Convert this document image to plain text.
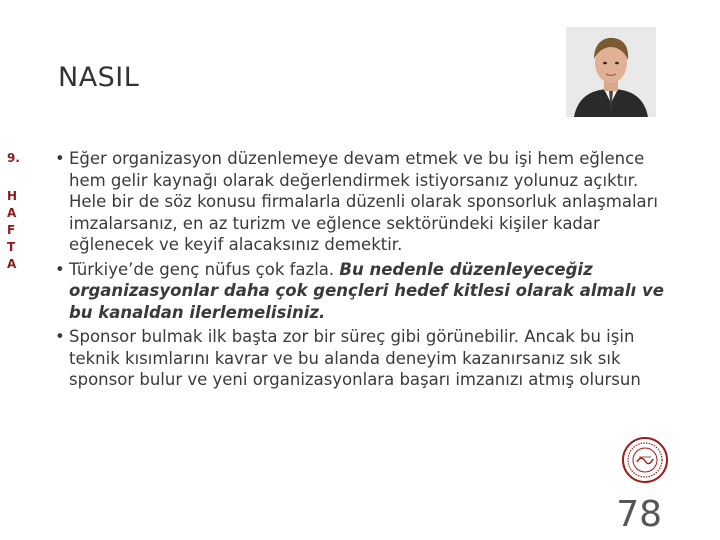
NASIL
9.
H
A
F
T
A
• Eğer organizasyon düzenlemeye devam etmek ve bu işi hem eğlence hem gelir kaynağı olarak değerlendirmek istiyorsanız yolunuz açıktır. Hele bir de söz konusu firmalarla düzenli olarak sponsorluk anlaşmaları imzalarsanız, en az turizm ve eğlence sektöründeki kişiler kadar eğlenecek ve keyif alacaksınız demektir.
• Türkiye’de genç nüfus çok fazla. Bu nedenle düzenleyeceğiz organizasyonlar daha çok gençleri hedef kitlesi olarak almalı ve bu kanaldan ilerlemelisiniz.
• Sponsor bulmak ilk başta zor bir süreç gibi görünebilir. Ancak bu işin teknik kısımlarını kavrar ve bu alanda deneyim kazanırsanız sık sık sponsor bulur ve yeni organizasyonlara başarı imzanızı atmış olursun
78
